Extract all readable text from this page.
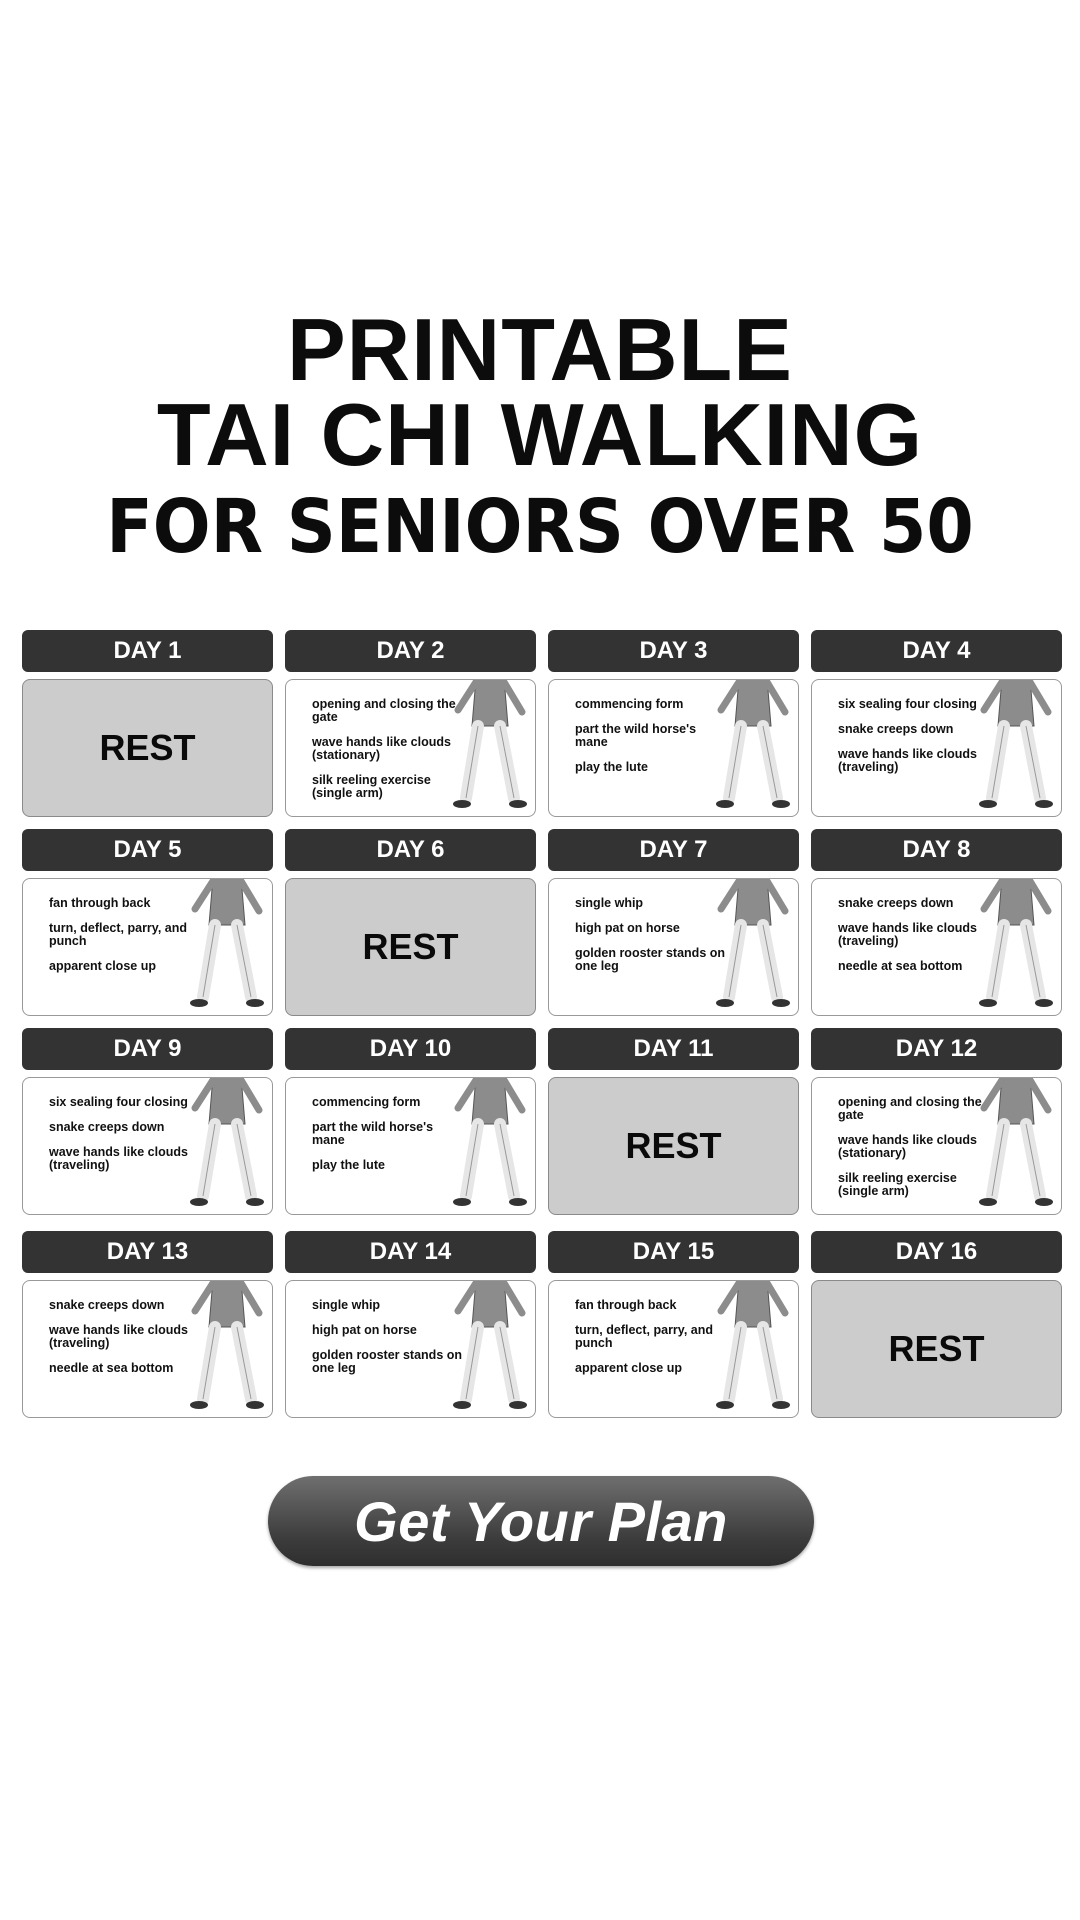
PRINTABLE
TAI CHI WALKING
FOR SENIORS OVER 50
DAY 1
REST
DAY 2
opening and closing the gate
wave hands like clouds (stationary)
silk reeling exercise (single arm)
DAY 3
commencing form
part the wild horse's mane
play the lute
DAY 4
six sealing four closing
snake creeps down
wave hands like clouds (traveling)
DAY 5
fan through back
turn, deflect, parry, and punch
apparent close up
DAY 6
REST
DAY 7
single whip
high pat on horse
golden rooster stands on one leg
DAY 8
snake creeps down
wave hands like clouds (traveling)
needle at sea bottom
DAY 9
six sealing four closing
snake creeps down
wave hands like clouds (traveling)
DAY 10
commencing form
part the wild horse's mane
play the lute
DAY 11
REST
DAY 12
opening and closing the gate
wave hands like clouds (stationary)
silk reeling exercise (single arm)
DAY 13
snake creeps down
wave hands like clouds (traveling)
needle at sea bottom
DAY 14
single whip
high pat on horse
golden rooster stands on one leg
DAY 15
fan through back
turn, deflect, parry, and punch
apparent close up
DAY 16
REST
Get Your Plan
